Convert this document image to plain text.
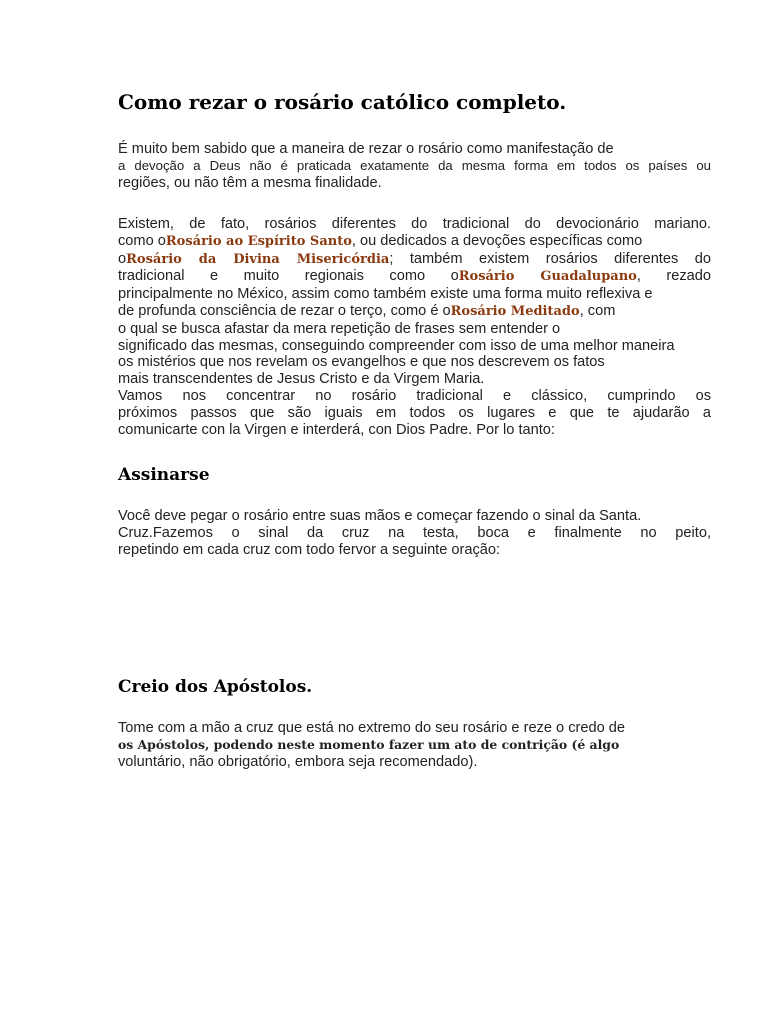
Como rezar o rosário católico completo.
É muito bem sabido que a maneira de rezar o rosário como manifestação de
a devoção a Deus não é praticada exatamente da mesma forma em todos os países ou
regiões, ou não têm a mesma finalidade.
Existem, de fato, rosários diferentes do tradicional do devocionário mariano.
como oRosário ao Espírito Santo, ou dedicados a devoções específicas como
oRosário da Divina Misericórdia; também existem rosários diferentes do
tradicional e muito regionais como oRosário Guadalupano, rezado
principalmente no México, assim como também existe uma forma muito reflexiva e
de profunda consciência de rezar o terço, como é oRosário Meditado, com
o qual se busca afastar da mera repetição de frases sem entender o
significado das mesmas, conseguindo compreender com isso de uma melhor maneira
os mistérios que nos revelam os evangelhos e que nos descrevem os fatos
mais transcendentes de Jesus Cristo e da Virgem Maria.
Vamos nos concentrar no rosário tradicional e clássico, cumprindo os
próximos passos que são iguais em todos os lugares e que te ajudarão a
comunicarte con la Virgen e interderá, con Dios Padre. Por lo tanto:
Assinarse
Você deve pegar o rosário entre suas mãos e começar fazendo o sinal da Santa.
Cruz.Fazemos o sinal da cruz na testa, boca e finalmente no peito,
repetindo em cada cruz com todo fervor a seguinte oração:
Creio dos Apóstolos.
Tome com a mão a cruz que está no extremo do seu rosário e reze o credo de
os Apóstolos, podendo neste momento fazer um ato de contrição (é algo
voluntário, não obrigatório, embora seja recomendado).
